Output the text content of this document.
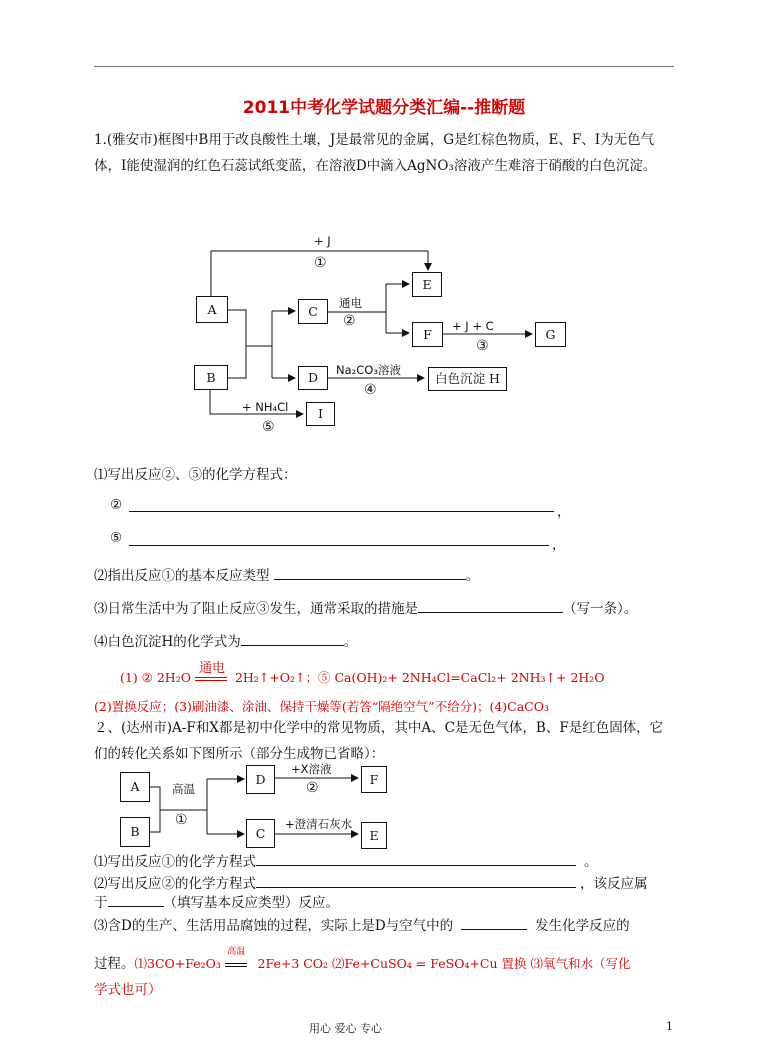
2011中考化学试题分类汇编--推断题
1.(雅安市)框图中B用于改良酸性土壤，J是最常见的金属，G是红棕色物质，E、F、I为无色气体，I能使湿润的红色石蕊试纸变蓝，在溶液D中滴入AgNO₃溶液产生难溶于硝酸的白色沉淀。
A
B
C
D
E
F	G
I
白色沉淀 H
+ J
①
通电
②	+ J + C
③
Na₂CO₃溶液
④
+ NH₄Cl
⑤
⑴写出反应②、⑤的化学方程式：
②	，
⑤	，
⑵指出反应①的基本反应类型	。
⑶日常生活中为了阻止反应③发生，通常采取的措施是	（写一条）。
⑷白色沉淀H的化学式为	。
(1) ② 2H₂O
通电
2H₂↑+O₂↑；⑤ Ca(OH)₂+ 2NH₄Cl=CaCl₂+ 2NH₃↑+ 2H₂O
(2)置换反应；(3)刷油漆、涂油、保持干燥等(若答“隔绝空气”不给分)；(4)CaCO₃
２、(达州市)A-F和X都是初中化学中的常见物质，其中A、C是无色气体，B、F是红色固体，它们的转化关系如下图所示（部分生成物已省略）：
A
B
D
C
F
E
高温
①
+X溶液
②
+澄清石灰水
⑴写出反应①的化学方程式	。
⑵写出反应②的化学方程式	，该反应属
于	（填写基本反应类型）反应。
⑶含D的生产、生活用品腐蚀的过程，实际上是D与空气中的	发生化学反应的
过程。⑴3CO+Fe₂O₃
高温
2Fe+3 CO₂ ⑵Fe+CuSO₄ = FeSO₄+Cu 置换 ⑶氧气和水（写化
学式也可）
用心 爱心 专心	1
